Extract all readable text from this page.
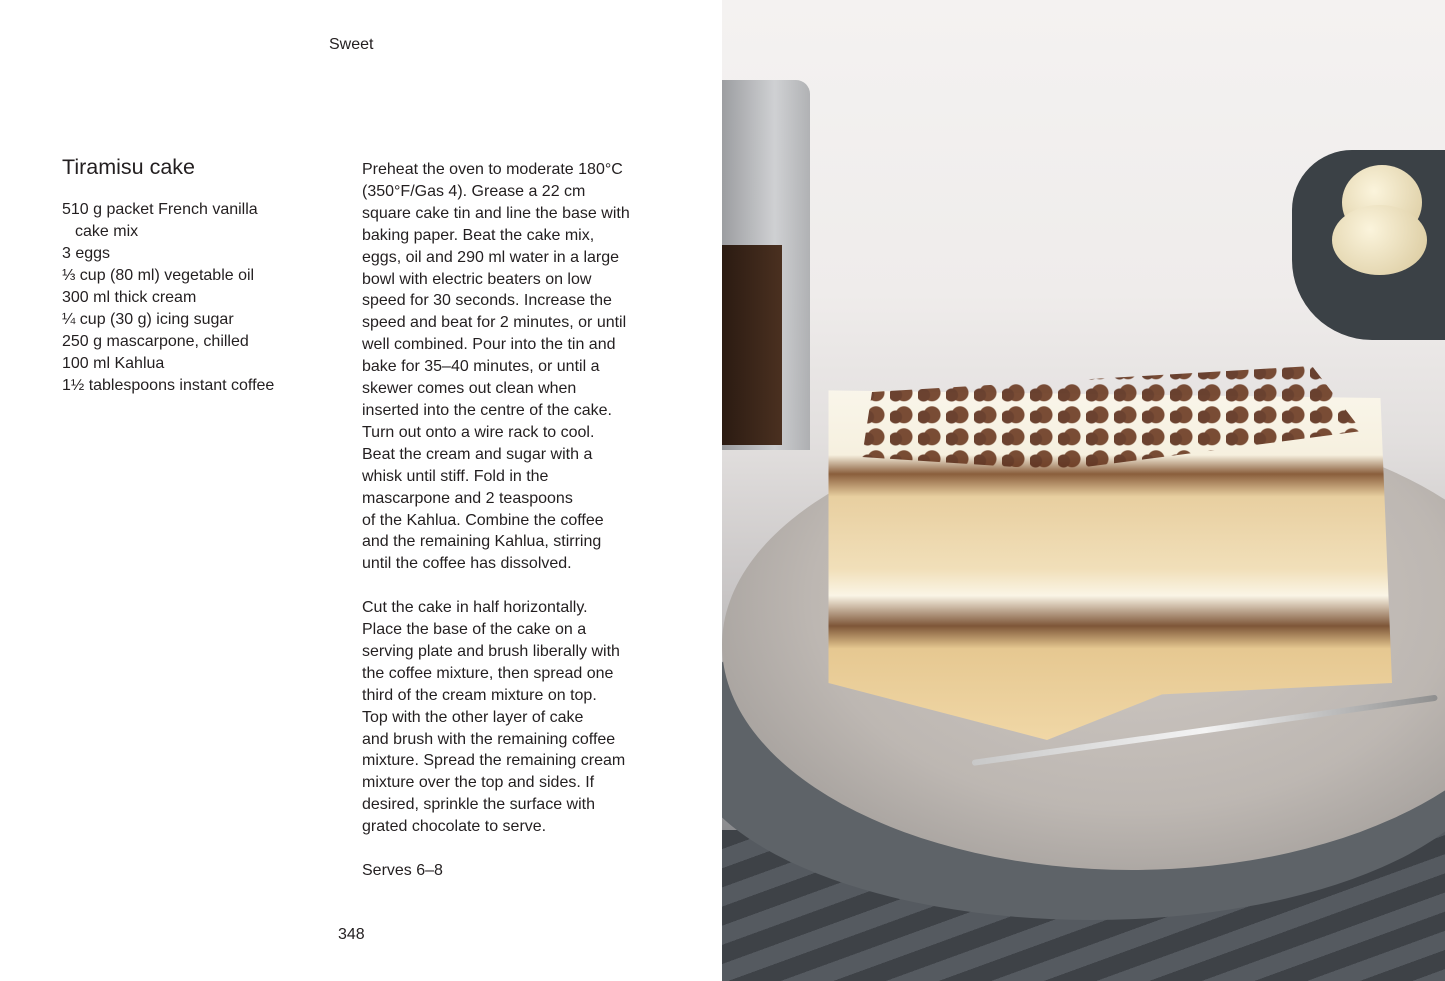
Sweet
Tiramisu cake
510 g packet French vanilla
cake mix
3 eggs
⅓ cup (80 ml) vegetable oil
300 ml thick cream
¼ cup (30 g) icing sugar
250 g mascarpone, chilled
100 ml Kahlua
1½ tablespoons instant coffee
Preheat the oven to moderate 180°C
(350°F/Gas 4). Grease a 22 cm
square cake tin and line the base with
baking paper. Beat the cake mix,
eggs, oil and 290 ml water in a large
bowl with electric beaters on low
speed for 30 seconds. Increase the
speed and beat for 2 minutes, or until
well combined. Pour into the tin and
bake for 35–40 minutes, or until a
skewer comes out clean when
inserted into the centre of the cake.
Turn out onto a wire rack to cool.
Beat the cream and sugar with a
whisk until stiff. Fold in the
mascarpone and 2 teaspoons
of the Kahlua. Combine the coffee
and the remaining Kahlua, stirring
until the coffee has dissolved.
Cut the cake in half horizontally.
Place the base of the cake on a
serving plate and brush liberally with
the coffee mixture, then spread one
third of the cream mixture on top.
Top with the other layer of cake
and brush with the remaining coffee
mixture. Spread the remaining cream
mixture over the top and sides. If
desired, sprinkle the surface with
grated chocolate to serve.
Serves 6–8
348
